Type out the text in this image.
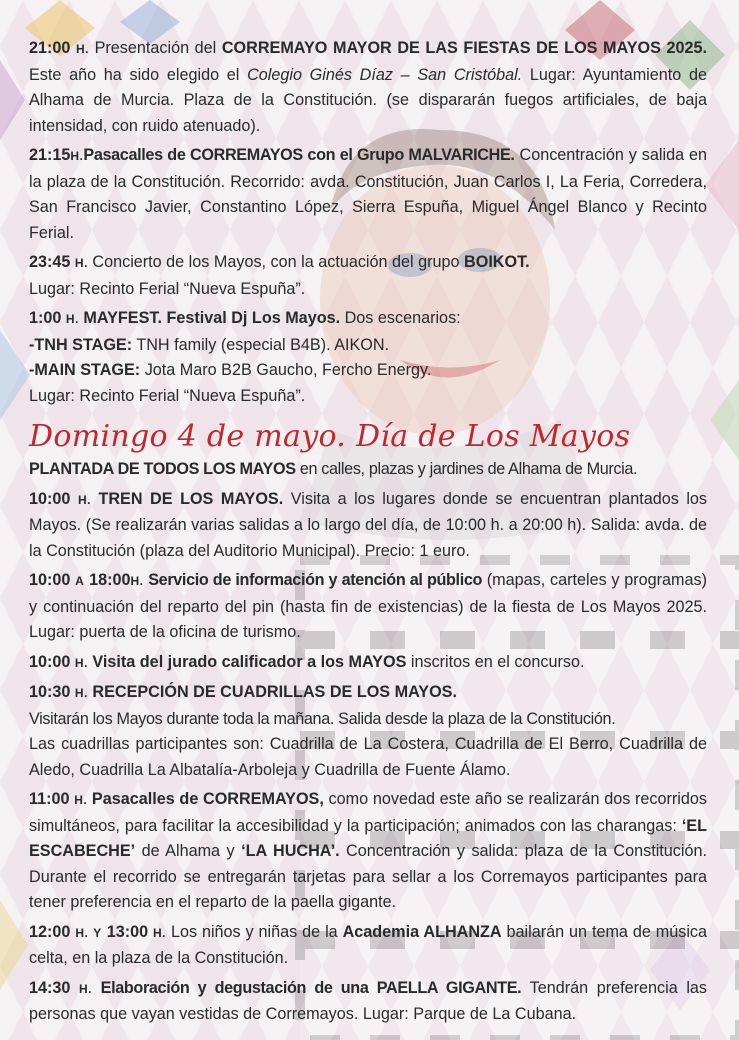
21:00 H. Presentación del CORREMAYO MAYOR DE LAS FIESTAS DE LOS MAYOS 2025. Este año ha sido elegido el Colegio Ginés Díaz – San Cristóbal. Lugar: Ayuntamiento de Alhama de Murcia. Plaza de la Constitución. (se dispararán fuegos artificiales, de baja intensidad, con ruido atenuado).

21:15H.Pasacalles de CORREMAYOS con el Grupo MALVARICHE. Concentración y salida en la plaza de la Constitución. Recorrido: avda. Constitución, Juan Carlos I, La Feria, Corredera, San Francisco Javier, Constantino López, Sierra Espuña, Miguel Ángel Blanco y Recinto Ferial.

23:45 H. Concierto de los Mayos, con la actuación del grupo BOIKOT.
Lugar: Recinto Ferial “Nueva Espuña”.

1:00 H. MAYFEST. Festival Dj Los Mayos. Dos escenarios:
-TNH STAGE: TNH family (especial B4B). AIKON.
-MAIN STAGE: Jota Maro B2B Gaucho, Fercho Energy.
Lugar: Recinto Ferial “Nueva Espuña”.

Domingo 4 de mayo. Día de Los Mayos

PLANTADA DE TODOS LOS MAYOS en calles, plazas y jardines de Alhama de Murcia.

10:00 H. TREN DE LOS MAYOS. Visita a los lugares donde se encuentran plantados los Mayos. (Se realizarán varias salidas a lo largo del día, de 10:00 h. a 20:00 h). Salida: avda. de la Constitución (plaza del Auditorio Municipal). Precio: 1 euro.

10:00 A 18:00H. Servicio de información y atención al público (mapas, carteles y programas) y continuación del reparto del pin (hasta fin de existencias) de la fiesta de Los Mayos 2025. Lugar: puerta de la oficina de turismo.

10:00 H. Visita del jurado calificador a los MAYOS inscritos en el concurso.

10:30 H. RECEPCIÓN DE CUADRILLAS DE LOS MAYOS.
Visitarán los Mayos durante toda la mañana. Salida desde la plaza de la Constitución.
Las cuadrillas participantes son: Cuadrilla de La Costera, Cuadrilla de El Berro, Cuadrilla de Aledo, Cuadrilla La Albatalía-Arboleja y Cuadrilla de Fuente Álamo.

11:00 H. Pasacalles de CORREMAYOS, como novedad este año se realizarán dos recorridos simultáneos, para facilitar la accesibilidad y la participación; animados con las charangas: ‘EL ESCABECHE’ de Alhama y ‘LA HUCHA’. Concentración y salida: plaza de la Constitución. Durante el recorrido se entregarán tarjetas para sellar a los Corremayos participantes para tener preferencia en el reparto de la paella gigante.

12:00 H. Y 13:00 H. Los niños y niñas de la Academia ALHANZA bailarán un tema de música celta, en la plaza de la Constitución.

14:30 H. Elaboración y degustación de una PAELLA GIGANTE. Tendrán preferencia las personas que vayan vestidas de Corremayos. Lugar: Parque de La Cubana.
